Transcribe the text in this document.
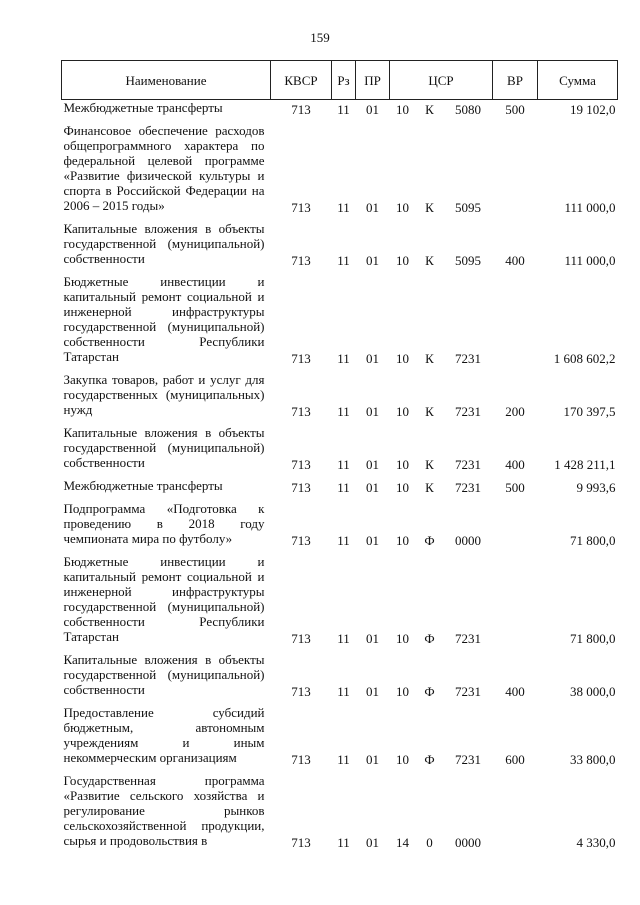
159
Наименование	КВСР	Рз	ПР	ЦСР			ВР	Сумма
Межбюджетные трансферты	713	11	01	10	К	5080	500	19 102,0
Финансовое обеспечение расходов общепрограммного характера по федеральной целевой программе «Развитие физической культуры и спорта в Российской Федерации на 2006 – 2015 годы»	713	11	01	10	К	5095		111 000,0
Капитальные вложения в объекты государственной (муниципальной) собственности	713	11	01	10	К	5095	400	111 000,0
Бюджетные инвестиции и капитальный ремонт социальной и инженерной инфраструктуры государственной (муниципальной) собственности Республики Татарстан	713	11	01	10	К	7231		1 608 602,2
Закупка товаров, работ и услуг для государственных (муниципальных) нужд	713	11	01	10	К	7231	200	170 397,5
Капитальные вложения в объекты государственной (муниципальной) собственности	713	11	01	10	К	7231	400	1 428 211,1
Межбюджетные трансферты	713	11	01	10	К	7231	500	9 993,6
Подпрограмма «Подготовка к проведению в 2018 году чемпионата мира по футболу»	713	11	01	10	Ф	0000		71 800,0
Бюджетные инвестиции и капитальный ремонт социальной и инженерной инфраструктуры государственной (муниципальной) собственности Республики Татарстан	713	11	01	10	Ф	7231		71 800,0
Капитальные вложения в объекты государственной (муниципальной) собственности	713	11	01	10	Ф	7231	400	38 000,0
Предоставление субсидий бюджетным, автономным учреждениям и иным некоммерческим организациям	713	11	01	10	Ф	7231	600	33 800,0
Государственная программа «Развитие сельского хозяйства и регулирование рынков сельскохозяйственной продукции, сырья и продовольствия в	713	11	01	14	0	0000		4 330,0
